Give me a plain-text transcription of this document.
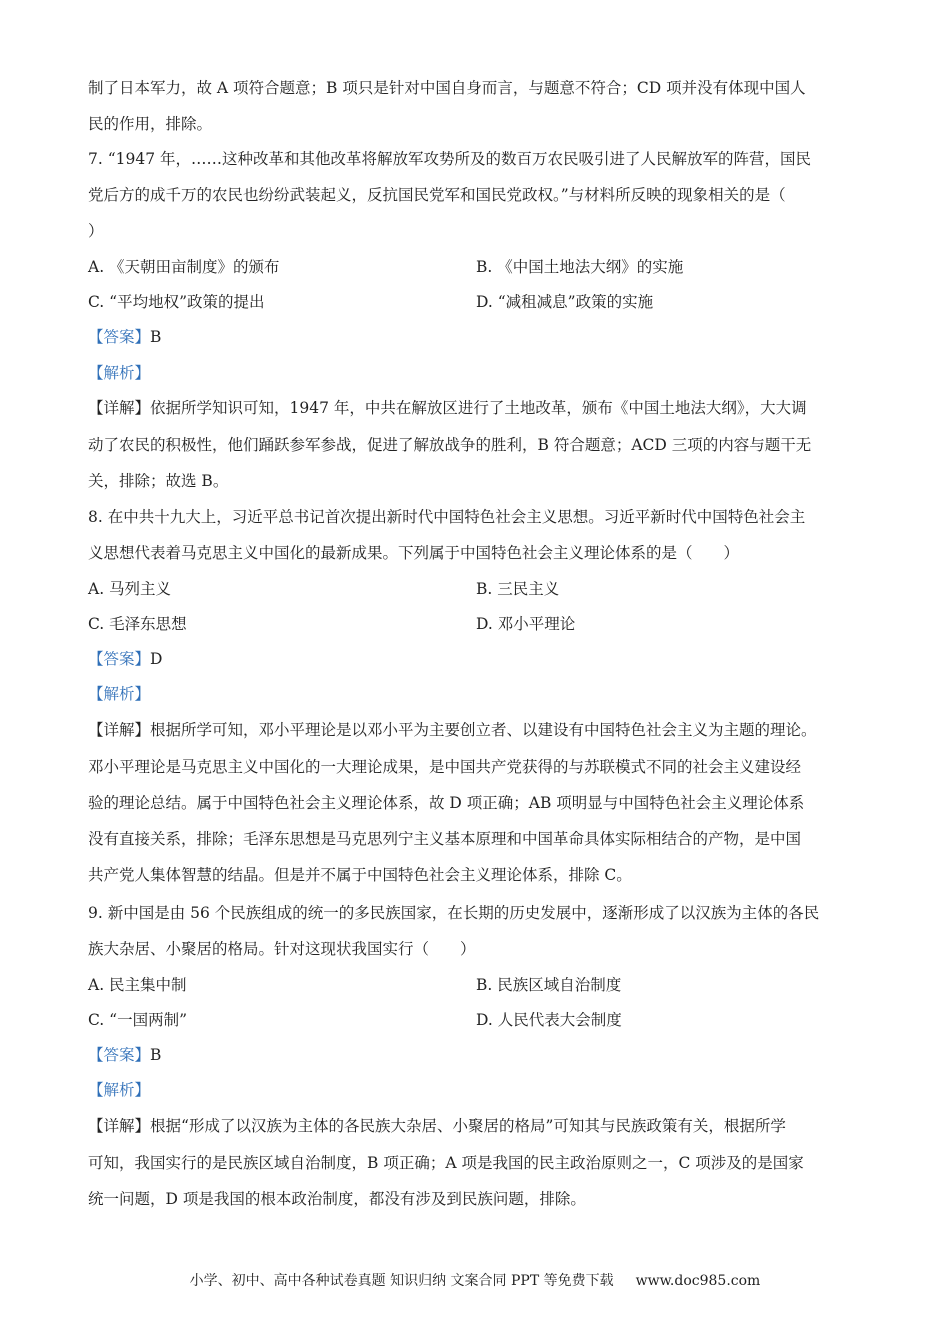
制了日本军力，故 A 项符合题意；B 项只是针对中国自身而言，与题意不符合；CD 项并没有体现中国人
民的作用，排除。
7. “1947 年，……这种改革和其他改革将解放军攻势所及的数百万农民吸引进了人民解放军的阵营，国民
党后方的成千万的农民也纷纷武装起义，反抗国民党军和国民党政权。”与材料所反映的现象相关的是（
）
A. 《天朝田亩制度》的颁布	B. 《中国土地法大纲》的实施
C. “平均地权”政策的提出	D. “减租减息”政策的实施
【答案】B
【解析】
【详解】依据所学知识可知，1947 年，中共在解放区进行了土地改革，颁布《中国土地法大纲》，大大调
动了农民的积极性，他们踊跃参军参战，促进了解放战争的胜利，B 符合题意；ACD 三项的内容与题干无
关，排除；故选 B。
8. 在中共十九大上，习近平总书记首次提出新时代中国特色社会主义思想。习近平新时代中国特色社会主
义思想代表着马克思主义中国化的最新成果。下列属于中国特色社会主义理论体系的是（　　）
A. 马列主义	B. 三民主义
C. 毛泽东思想	D. 邓小平理论
【答案】D
【解析】
【详解】根据所学可知，邓小平理论是以邓小平为主要创立者、以建设有中国特色社会主义为主题的理论。
邓小平理论是马克思主义中国化的一大理论成果，是中国共产党获得的与苏联模式不同的社会主义建设经
验的理论总结。属于中国特色社会主义理论体系，故 D 项正确；AB 项明显与中国特色社会主义理论体系
没有直接关系，排除；毛泽东思想是马克思列宁主义基本原理和中国革命具体实际相结合的产物，是中国
共产党人集体智慧的结晶。但是并不属于中国特色社会主义理论体系，排除 C。
9. 新中国是由 56 个民族组成的统一的多民族国家，在长期的历史发展中，逐渐形成了以汉族为主体的各民
族大杂居、小聚居的格局。针对这现状我国实行（　　）
A. 民主集中制	B. 民族区域自治制度
C. “一国两制”	D. 人民代表大会制度
【答案】B
【解析】
【详解】根据“形成了以汉族为主体的各民族大杂居、小聚居的格局”可知其与民族政策有关，根据所学
可知，我国实行的是民族区域自治制度，B 项正确；A 项是我国的民主政治原则之一，C 项涉及的是国家
统一问题，D 项是我国的根本政治制度，都没有涉及到民族问题，排除。
小学、初中、高中各种试卷真题 知识归纳 文案合同 PPT 等免费下载 www.doc985.com
